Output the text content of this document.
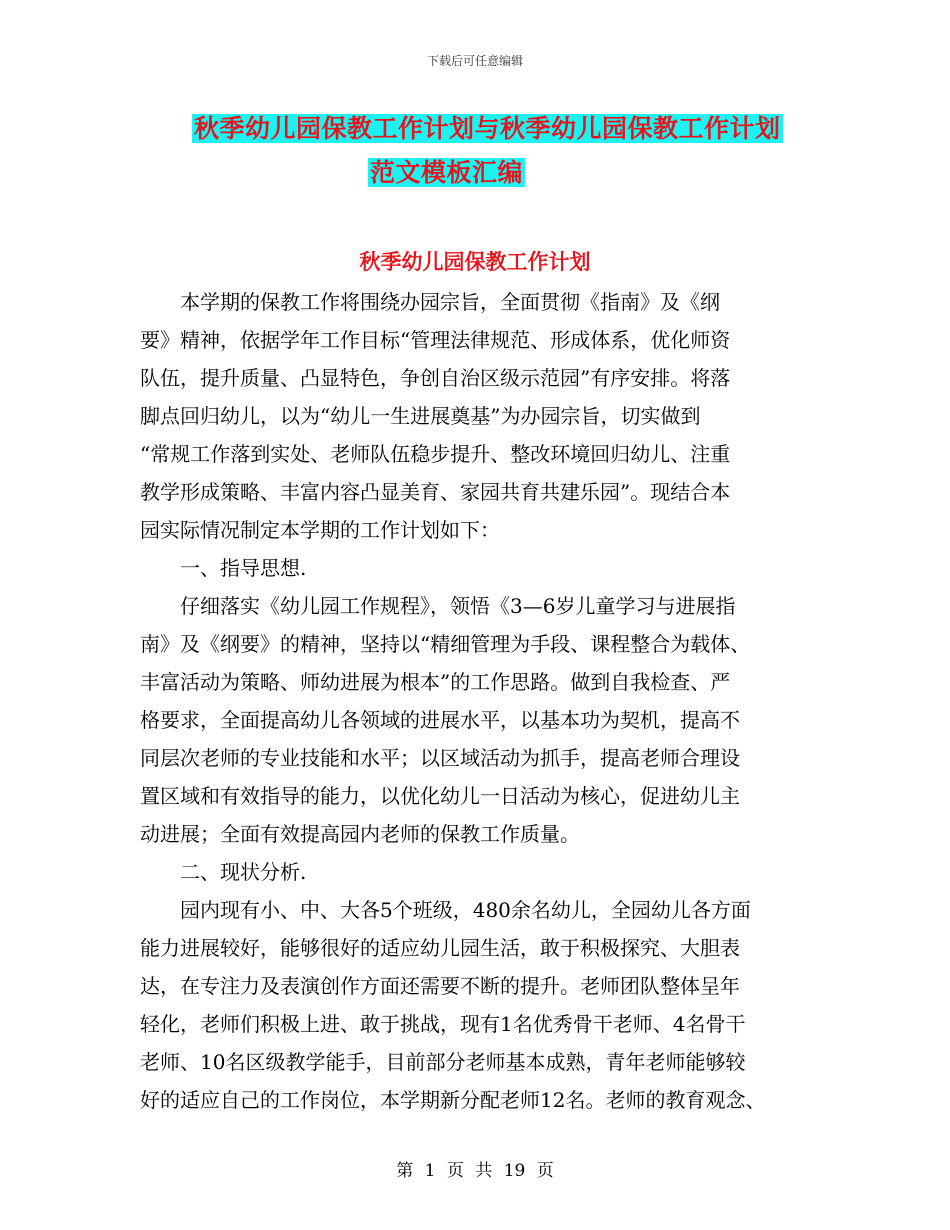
下载后可任意编辑
秋季幼儿园保教工作计划与秋季幼儿园保教工作计划
范文模板汇编
秋季幼儿园保教工作计划
　　本学期的保教工作将围绕办园宗旨，全面贯彻《指南》及《纲
要》精神，依据学年工作目标“管理法律规范、形成体系，优化师资
队伍，提升质量、凸显特色，争创自治区级示范园”有序安排。将落
脚点回归幼儿，以为“幼儿一生进展奠基”为办园宗旨，切实做到
“常规工作落到实处、老师队伍稳步提升、整改环境回归幼儿、注重
教学形成策略、丰富内容凸显美育、家园共育共建乐园”。现结合本
园实际情况制定本学期的工作计划如下：
　　一、指导思想.
　　仔细落实《幼儿园工作规程》，领悟《3—6岁儿童学习与进展指
南》及《纲要》的精神，坚持以“精细管理为手段、课程整合为载体、
丰富活动为策略、师幼进展为根本”的工作思路。做到自我检查、严
格要求，全面提高幼儿各领域的进展水平，以基本功为契机，提高不
同层次老师的专业技能和水平；以区域活动为抓手，提高老师合理设
置区域和有效指导的能力，以优化幼儿一日活动为核心，促进幼儿主
动进展；全面有效提高园内老师的保教工作质量。
　　二、现状分析.
　　园内现有小、中、大各5个班级，480余名幼儿，全园幼儿各方面
能力进展较好，能够很好的适应幼儿园生活，敢于积极探究、大胆表
达，在专注力及表演创作方面还需要不断的提升。老师团队整体呈年
轻化，老师们积极上进、敢于挑战，现有1名优秀骨干老师、4名骨干
老师、10名区级教学能手，目前部分老师基本成熟，青年老师能够较
好的适应自己的工作岗位，本学期新分配老师12名。老师的教育观念、
第 1 页 共 19 页
